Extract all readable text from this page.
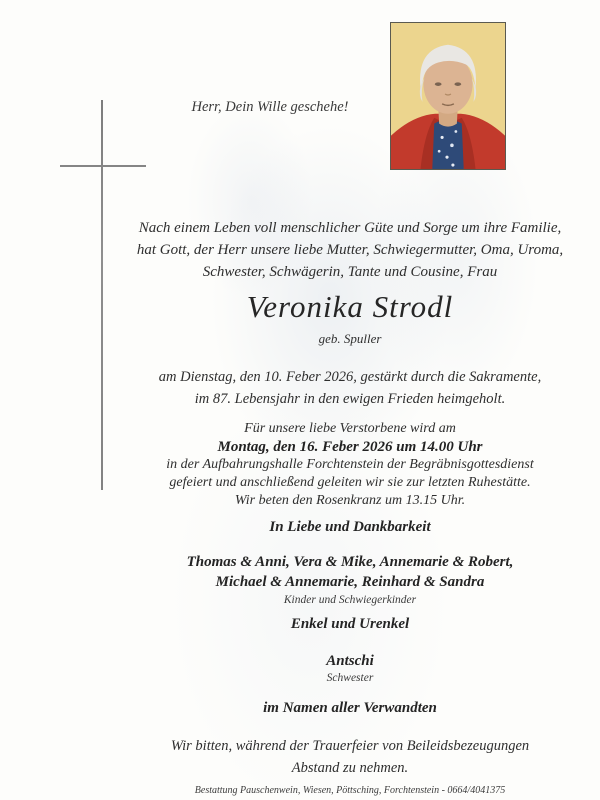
Herr, Dein Wille geschehe!
Nach einem Leben voll menschlicher Güte und Sorge um ihre Familie,
hat Gott, der Herr unsere liebe Mutter, Schwiegermutter, Oma, Uroma,
Schwester, Schwägerin, Tante und Cousine, Frau
Veronika Strodl
geb. Spuller
am Dienstag, den 10. Feber 2026, gestärkt durch die Sakramente,
im 87. Lebensjahr in den ewigen Frieden heimgeholt.
Für unsere liebe Verstorbene wird am
Montag, den 16. Feber 2026 um 14.00 Uhr
in der Aufbahrungshalle Forchtenstein der Begräbnisgottesdienst
gefeiert und anschließend geleiten wir sie zur letzten Ruhestätte.
Wir beten den Rosenkranz um 13.15 Uhr.
In Liebe und Dankbarkeit
Thomas & Anni, Vera & Mike, Annemarie & Robert,
Michael & Annemarie, Reinhard & Sandra
Kinder und Schwiegerkinder
Enkel und Urenkel
Antschi
Schwester
im Namen aller Verwandten
Wir bitten, während der Trauerfeier von Beileidsbezeugungen
Abstand zu nehmen.
Bestattung Pauschenwein, Wiesen, Pöttsching, Forchtenstein - 0664/4041375
